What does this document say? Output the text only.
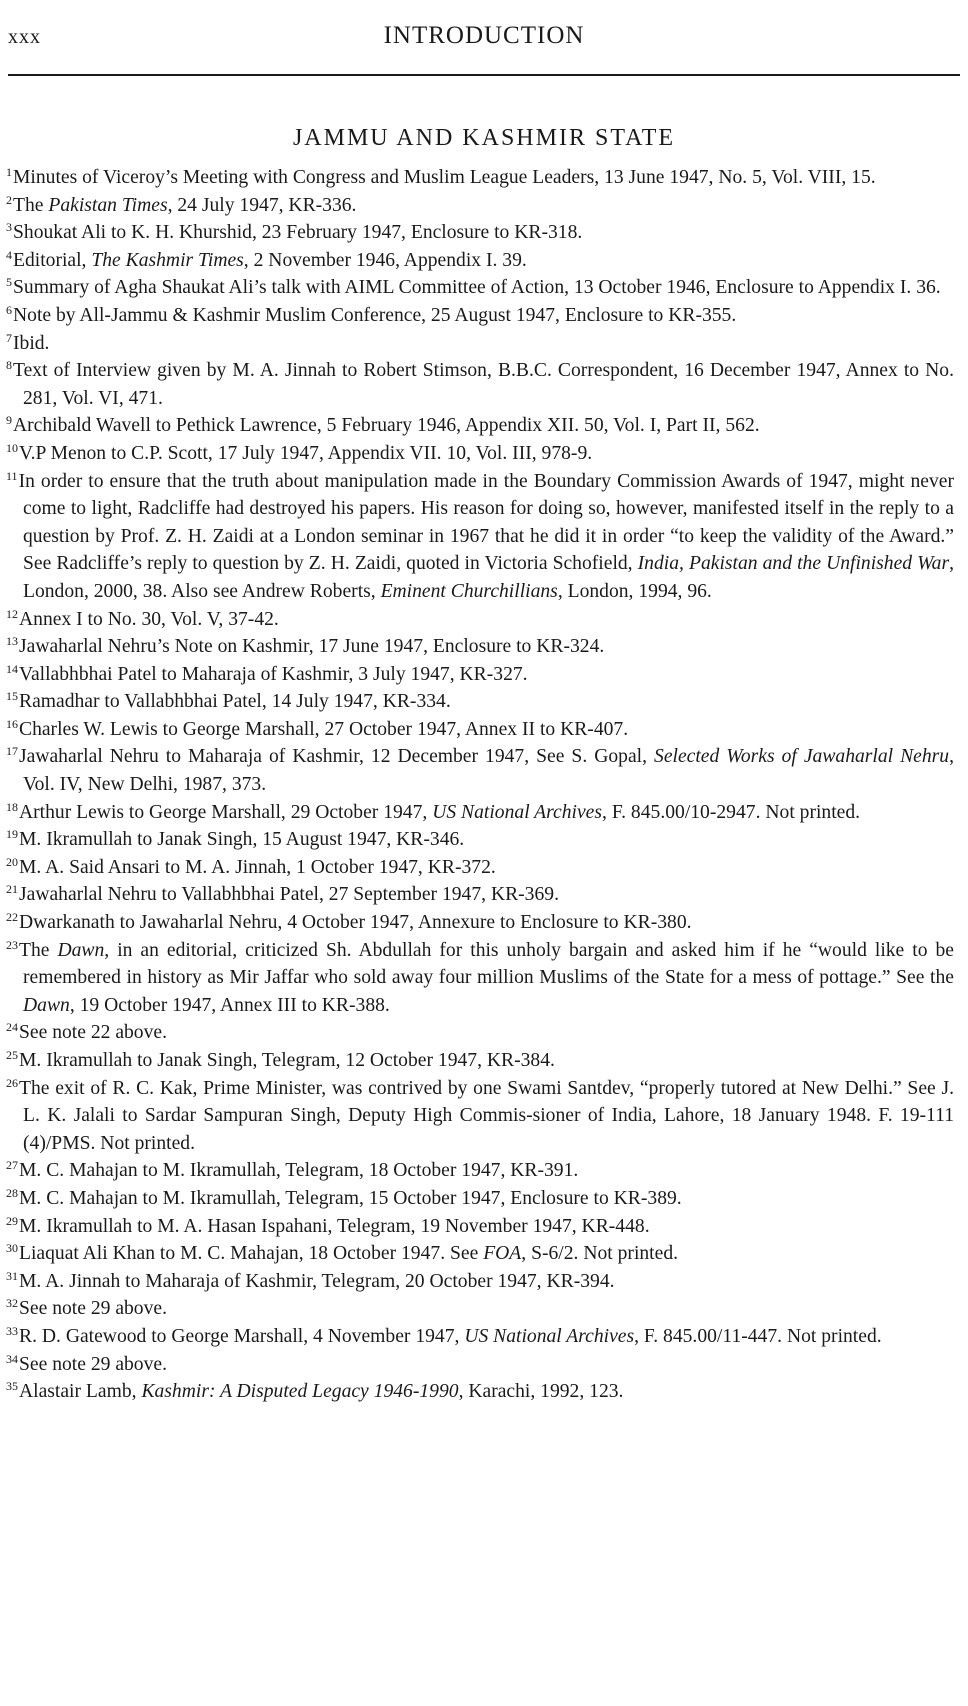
xxx	INTRODUCTION
JAMMU AND KASHMIR STATE
$^1$Minutes of Viceroy’s Meeting with Congress and Muslim League Leaders, 13 June 1947, No. 5, Vol. VIII, 15.
$^2$The Pakistan Times, 24 July 1947, KR-336.
$^3$Shoukat Ali to K. H. Khurshid, 23 February 1947, Enclosure to KR-318.
$^4$Editorial, The Kashmir Times, 2 November 1946, Appendix I. 39.
$^5$Summary of Agha Shaukat Ali’s talk with AIML Committee of Action, 13 October 1946, Enclosure to Appendix I. 36.
$^6$Note by All-Jammu & Kashmir Muslim Conference, 25 August 1947, Enclosure to KR-355.
$^7$Ibid.
$^8$Text of Interview given by M. A. Jinnah to Robert Stimson, B.B.C. Correspondent, 16 December 1947, Annex to No. 281, Vol. VI, 471.
$^9$Archibald Wavell to Pethick Lawrence, 5 February 1946, Appendix XII. 50, Vol. I, Part II, 562.
$^{10}$V.P Menon to C.P. Scott, 17 July 1947, Appendix VII. 10, Vol. III, 978-9.
$^{11}$In order to ensure that the truth about manipulation made in the Boundary Commission Awards of 1947, might never come to light, Radcliffe had destroyed his papers. His reason for doing so, however, manifested itself in the reply to a question by Prof. Z. H. Zaidi at a London seminar in 1967 that he did it in order “to keep the validity of the Award.” See Radcliffe’s reply to question by Z. H. Zaidi, quoted in Victoria Schofield, India, Pakistan and the Unfinished War, London, 2000, 38. Also see Andrew Roberts, Eminent Churchillians, London, 1994, 96.
$^{12}$Annex I to No. 30, Vol. V, 37-42.
$^{13}$Jawaharlal Nehru’s Note on Kashmir, 17 June 1947, Enclosure to KR-324.
$^{14}$Vallabhbhai Patel to Maharaja of Kashmir, 3 July 1947, KR-327.
$^{15}$Ramadhar to Vallabhbhai Patel, 14 July 1947, KR-334.
$^{16}$Charles W. Lewis to George Marshall, 27 October 1947, Annex II to KR-407.
$^{17}$Jawaharlal Nehru to Maharaja of Kashmir, 12 December 1947, See S. Gopal, Selected Works of Jawaharlal Nehru, Vol. IV, New Delhi, 1987, 373.
$^{18}$Arthur Lewis to George Marshall, 29 October 1947, US National Archives, F. 845.00/10-2947. Not printed.
$^{19}$M. Ikramullah to Janak Singh, 15 August 1947, KR-346.
$^{20}$M. A. Said Ansari to M. A. Jinnah, 1 October 1947, KR-372.
$^{21}$Jawaharlal Nehru to Vallabhbhai Patel, 27 September 1947, KR-369.
$^{22}$Dwarkanath to Jawaharlal Nehru, 4 October 1947, Annexure to Enclosure to KR-380.
$^{23}$The Dawn, in an editorial, criticized Sh. Abdullah for this unholy bargain and asked him if he “would like to be remembered in history as Mir Jaffar who sold away four million Muslims of the State for a mess of pottage.” See the Dawn, 19 October 1947, Annex III to KR-388.
$^{24}$See note 22 above.
$^{25}$M. Ikramullah to Janak Singh, Telegram, 12 October 1947, KR-384.
$^{26}$The exit of R. C. Kak, Prime Minister, was contrived by one Swami Santdev, “properly tutored at New Delhi.” See J. L. K. Jalali to Sardar Sampuran Singh, Deputy High Commis-sioner of India, Lahore, 18 January 1948. F. 19-111 (4)/PMS. Not printed.
$^{27}$M. C. Mahajan to M. Ikramullah, Telegram, 18 October 1947, KR-391.
$^{28}$M. C. Mahajan to M. Ikramullah, Telegram, 15 October 1947, Enclosure to KR-389.
$^{29}$M. Ikramullah to M. A. Hasan Ispahani, Telegram, 19 November 1947, KR-448.
$^{30}$Liaquat Ali Khan to M. C. Mahajan, 18 October 1947. See FOA, S-6/2. Not printed.
$^{31}$M. A. Jinnah to Maharaja of Kashmir, Telegram, 20 October 1947, KR-394.
$^{32}$See note 29 above.
$^{33}$R. D. Gatewood to George Marshall, 4 November 1947, US National Archives, F. 845.00/11-447. Not printed.
$^{34}$See note 29 above.
$^{35}$Alastair Lamb, Kashmir: A Disputed Legacy 1946-1990, Karachi, 1992, 123.
